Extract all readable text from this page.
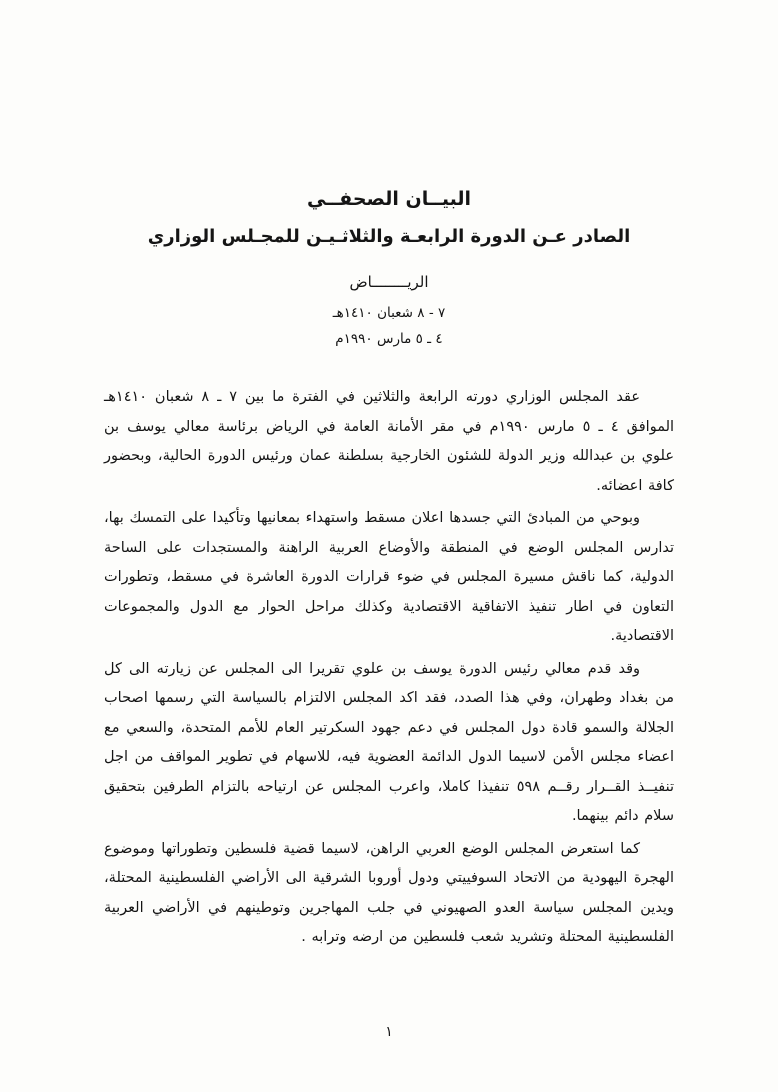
البيــان الصحفــي
الصادر عـن الدورة الرابعـة والثلاثـيـن للمجـلس الوزاري
الريــــــــاض
٧ - ٨ شعبان ١٤١٠هـ
٤ ـ ٥ مارس ١٩٩٠م

عقد المجلس الوزاري دورته الرابعة والثلاثين في الفترة ما بين ٧ ـ ٨ شعبان ١٤١٠هـ الموافق ٤ ـ ٥ مارس ١٩٩٠م في مقر الأمانة العامة في الرياض برئاسة معالي يوسف بن علوي بن عبدالله وزير الدولة للشئون الخارجية بسلطنة عمان ورئيس الدورة الحالية، وبحضور كافة اعضائه.

وبوحي من المبادئ التي جسدها اعلان مسقط واستهداء بمعانيها وتأكيدا على التمسك بها، تدارس المجلس الوضع في المنطقة والأوضاع العربية الراهنة والمستجدات على الساحة الدولية، كما ناقش مسيرة المجلس في ضوء قرارات الدورة العاشرة في مسقط، وتطورات التعاون في اطار تنفيذ الاتفاقية الاقتصادية وكذلك مراحل الحوار مع الدول والمجموعات الاقتصادية.

وقد قدم معالي رئيس الدورة يوسف بن علوي تقريرا الى المجلس عن زيارته الى كل من بغداد وطهران، وفي هذا الصدد، فقد اكد المجلس الالتزام بالسياسة التي رسمها اصحاب الجلالة والسمو قادة دول المجلس في دعم جهود السكرتير العام للأمم المتحدة، والسعي مع اعضاء مجلس الأمن لاسيما الدول الدائمة العضوية فيه، للاسهام في تطوير المواقف من اجل تنفيــذ القــرار رقــم ٥٩٨ تنفيذا كاملا، واعرب المجلس عن ارتياحه بالتزام الطرفين بتحقيق سلام دائم بينهما.

كما استعرض المجلس الوضع العربي الراهن، لاسيما قضية فلسطين وتطوراتها وموضوع الهجرة اليهودية من الاتحاد السوفييتي ودول أوروبا الشرقية الى الأراضي الفلسطينية المحتلة، ويدين المجلس سياسة العدو الصهيوني في جلب المهاجرين وتوطينهم في الأراضي العربية الفلسطينية المحتلة وتشريد شعب فلسطين من ارضه وترابه .

١
